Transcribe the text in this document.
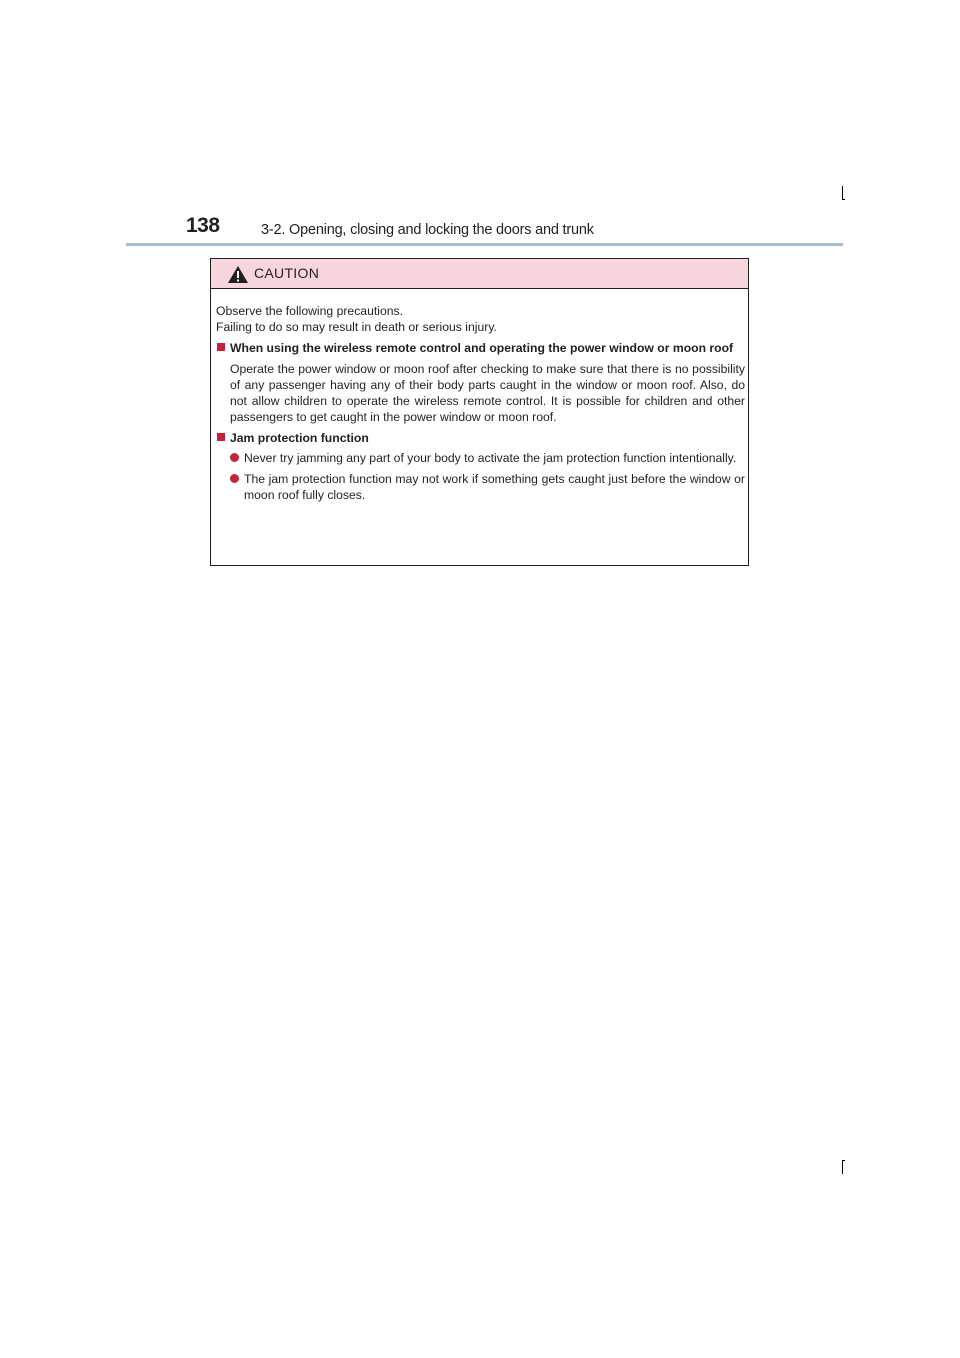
138	3-2. Opening, closing and locking the doors and trunk
CAUTION
Observe the following precautions.
Failing to do so may result in death or serious injury.
When using the wireless remote control and operating the power window or moon roof
Operate the power window or moon roof after checking to make sure that there is no possibility of any passenger having any of their body parts caught in the window or moon roof. Also, do not allow children to operate the wireless remote control. It is possible for children and other passengers to get caught in the power window or moon roof.
Jam protection function
Never try jamming any part of your body to activate the jam protection function intentionally.
The jam protection function may not work if something gets caught just before the window or moon roof fully closes.
